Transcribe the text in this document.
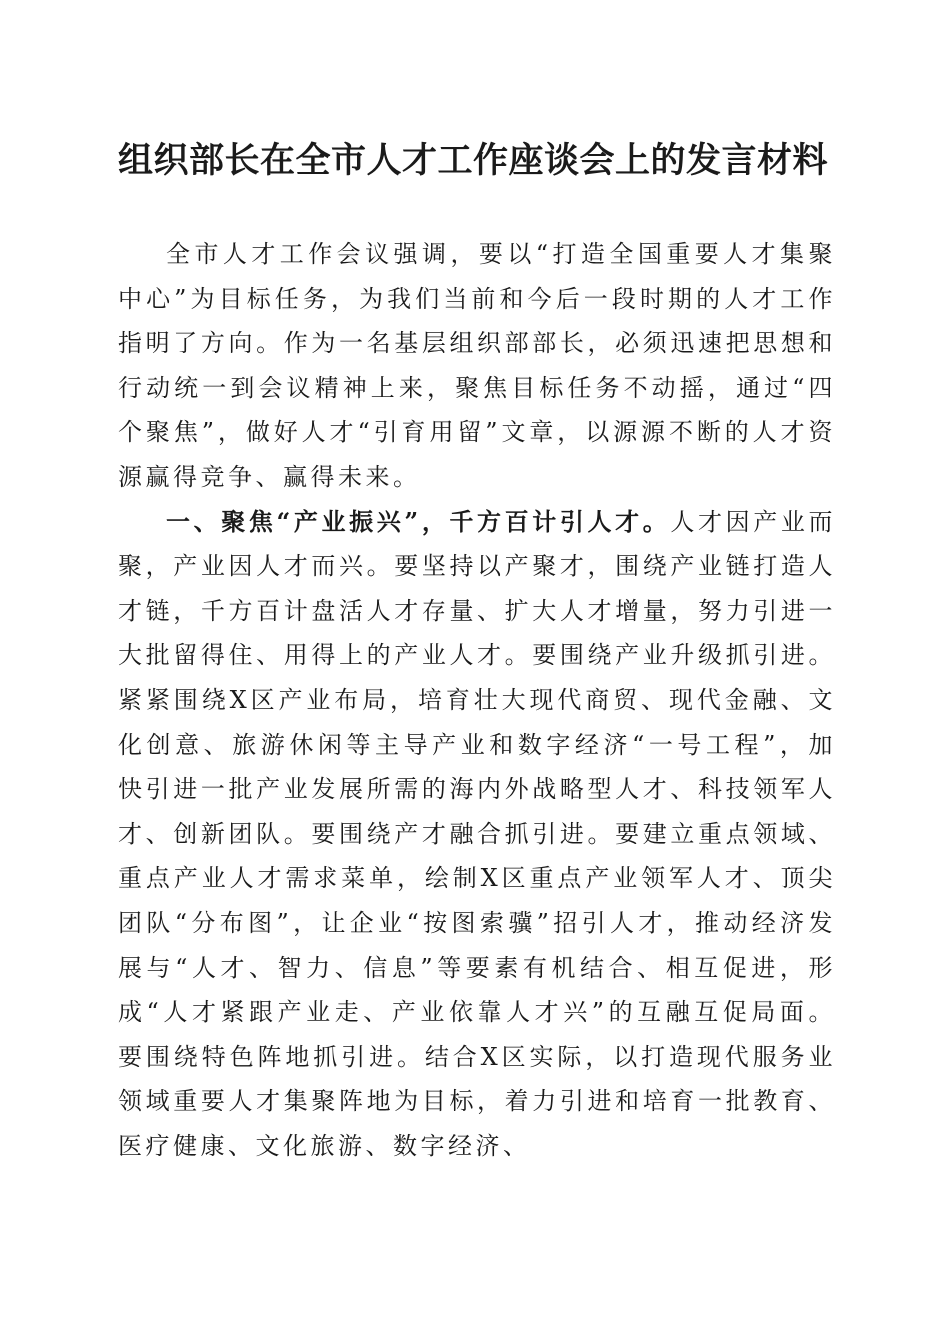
组织部长在全市人才工作座谈会上的发言材料

全市人才工作会议强调，要以“打造全国重要人才集聚中心”为目标任务，为我们当前和今后一段时期的人才工作指明了方向。作为一名基层组织部部长，必须迅速把思想和行动统一到会议精神上来，聚焦目标任务不动摇，通过“四个聚焦”，做好人才“引育用留”文章，以源源不断的人才资源赢得竞争、赢得未来。

一、聚焦“产业振兴”，千方百计引人才。人才因产业而聚，产业因人才而兴。要坚持以产聚才，围绕产业链打造人才链，千方百计盘活人才存量、扩大人才增量，努力引进一大批留得住、用得上的产业人才。要围绕产业升级抓引进。紧紧围绕X区产业布局，培育壮大现代商贸、现代金融、文化创意、旅游休闲等主导产业和数字经济“一号工程”，加快引进一批产业发展所需的海内外战略型人才、科技领军人才、创新团队。要围绕产才融合抓引进。要建立重点领域、重点产业人才需求菜单，绘制X区重点产业领军人才、顶尖团队“分布图”，让企业“按图索骥”招引人才，推动经济发展与“人才、智力、信息”等要素有机结合、相互促进，形成“人才紧跟产业走、产业依靠人才兴”的互融互促局面。要围绕特色阵地抓引进。结合X区实际，以打造现代服务业领域重要人才集聚阵地为目标，着力引进和培育一批教育、医疗健康、文化旅游、数字经济、
